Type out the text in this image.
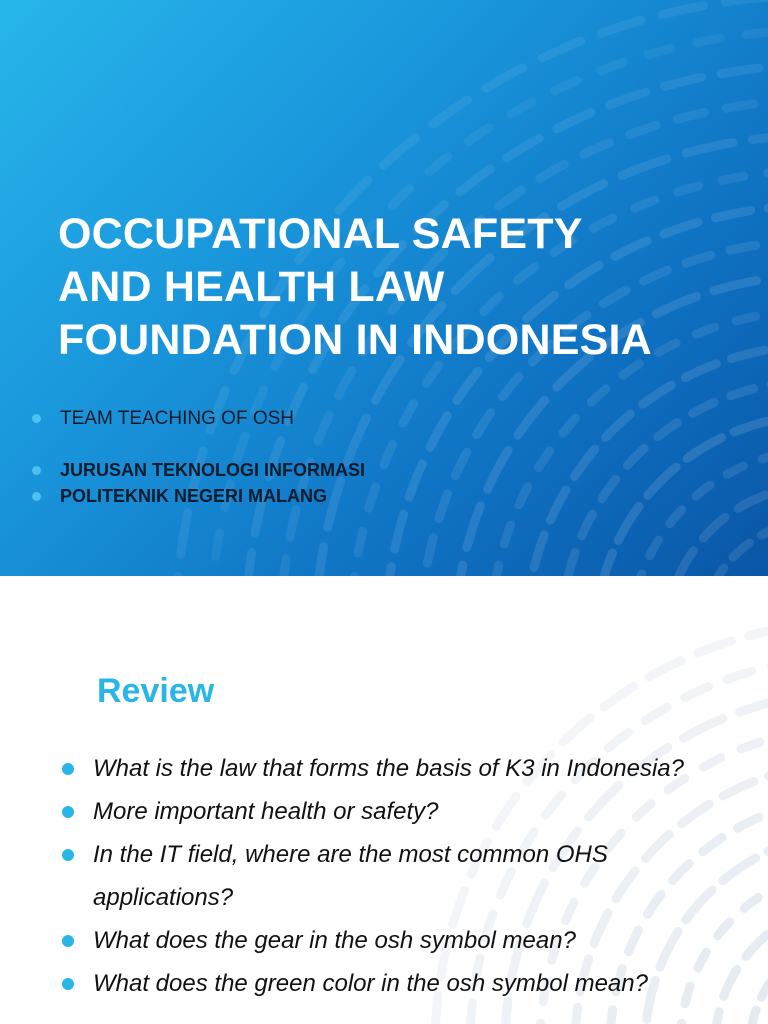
OCCUPATIONAL SAFETY
AND HEALTH LAW
FOUNDATION IN INDONESIA
TEAM TEACHING OF OSH
JURUSAN TEKNOLOGI INFORMASI
POLITEKNIK NEGERI MALANG
Review
What is the law that forms the basis of K3 in Indonesia?
More important health or safety?
In the IT field, where are the most common OHS applications?
What does the gear in the osh symbol mean?
What does the green color in the osh symbol mean?
